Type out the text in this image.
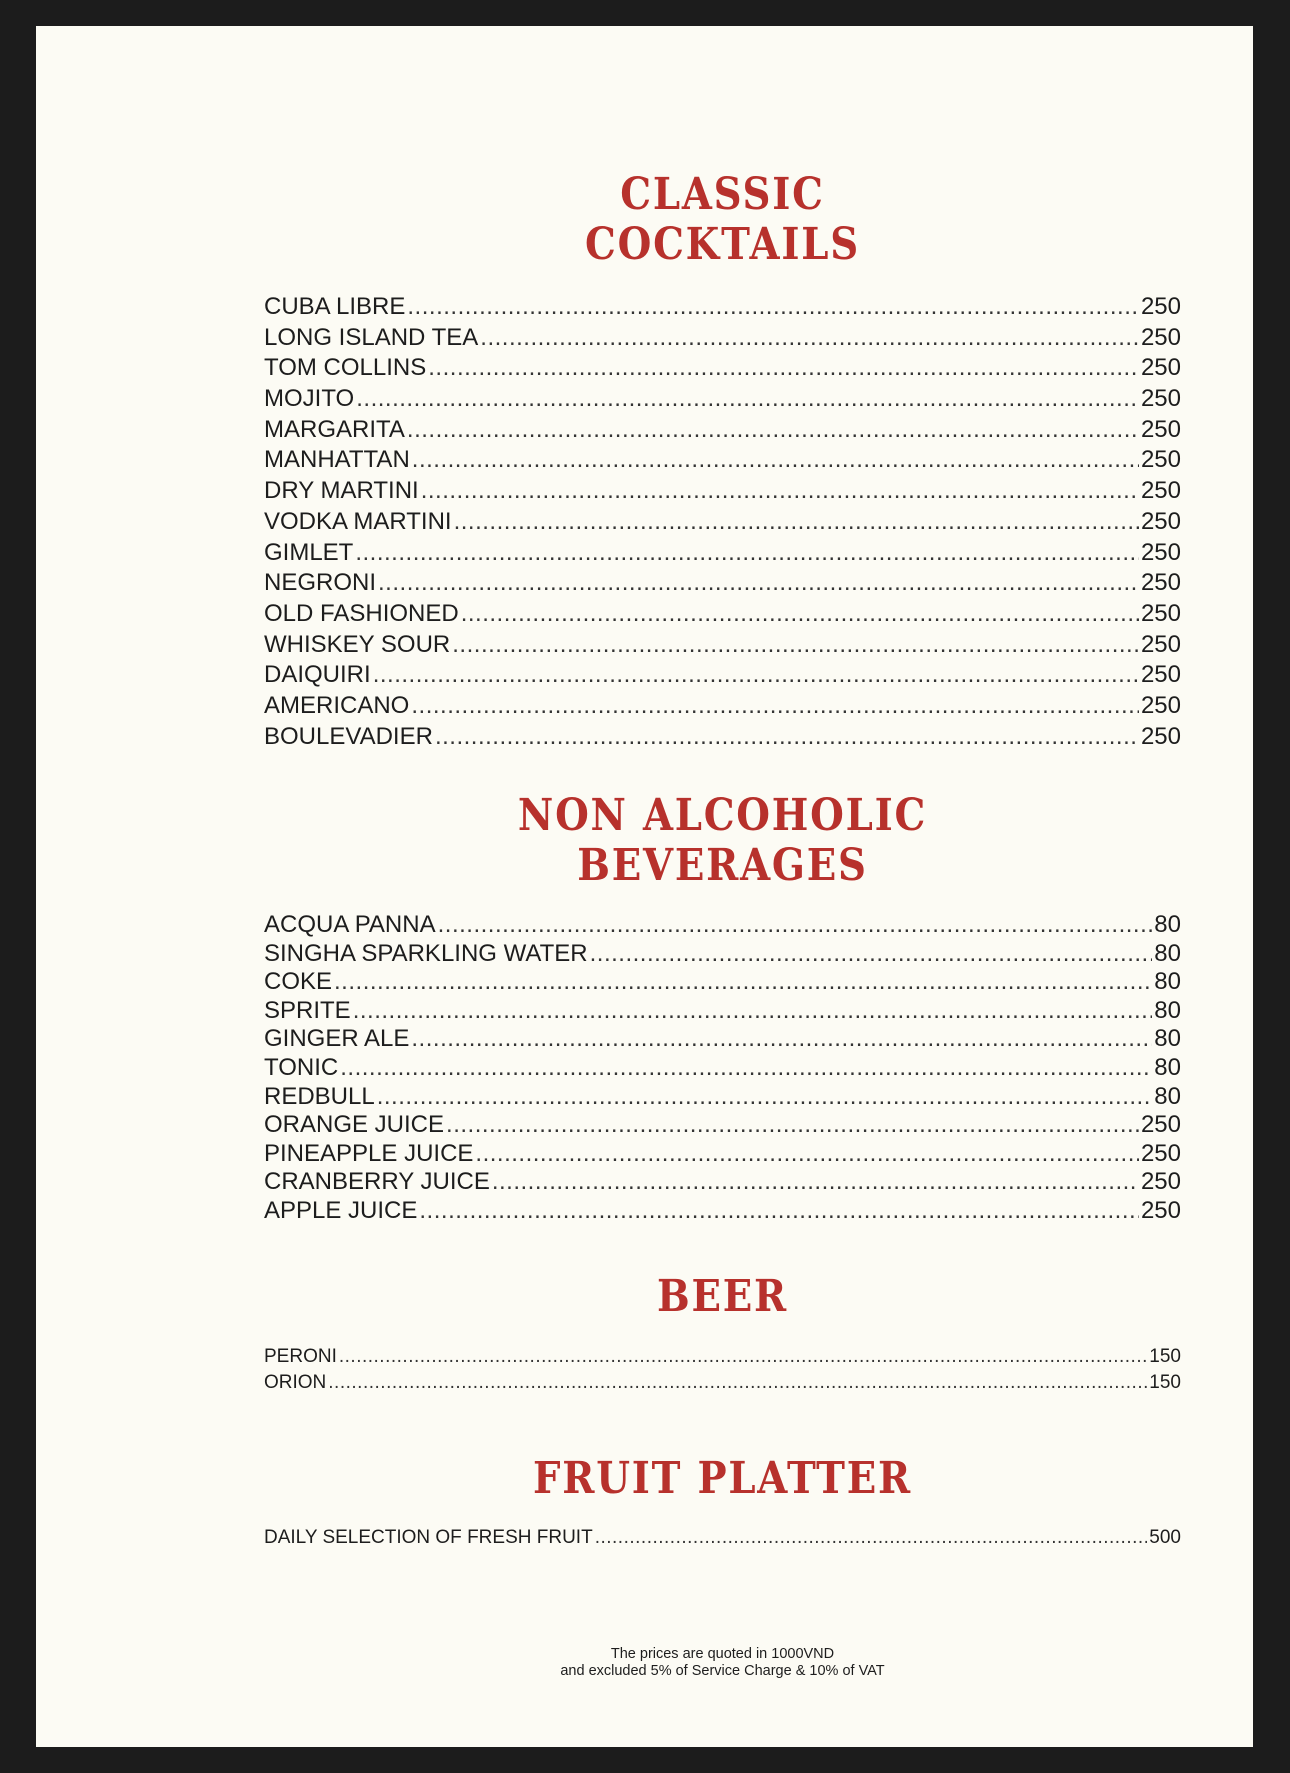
CLASSIC
COCKTAILS
CUBA LIBRE .....	250
LONG ISLAND TEA .....	250
TOM COLLINS .....	250
MOJITO .....	250
MARGARITA .....	250
MANHATTAN .....	250
DRY MARTINI .....	250
VODKA MARTINI .....	250
GIMLET .....	250
NEGRONI .....	250
OLD FASHIONED .....	250
WHISKEY SOUR .....	250
DAIQUIRI .....	250
AMERICANO .....	250
BOULEVADIER .....	250
NON ALCOHOLIC
BEVERAGES
ACQUA PANNA .....	80
SINGHA SPARKLING WATER .....	80
COKE .....	80
SPRITE .....	80
GINGER ALE .....	80
TONIC .....	80
REDBULL .....	80
ORANGE JUICE .....	250
PINEAPPLE JUICE .....	250
CRANBERRY JUICE .....	250
APPLE JUICE .....	250
BEER
PERONI .....	150
ORION .....	150
FRUIT PLATTER
DAILY SELECTION OF FRESH FRUIT .....	500
The prices are quoted in 1000VND
and excluded 5% of Service Charge & 10% of VAT
